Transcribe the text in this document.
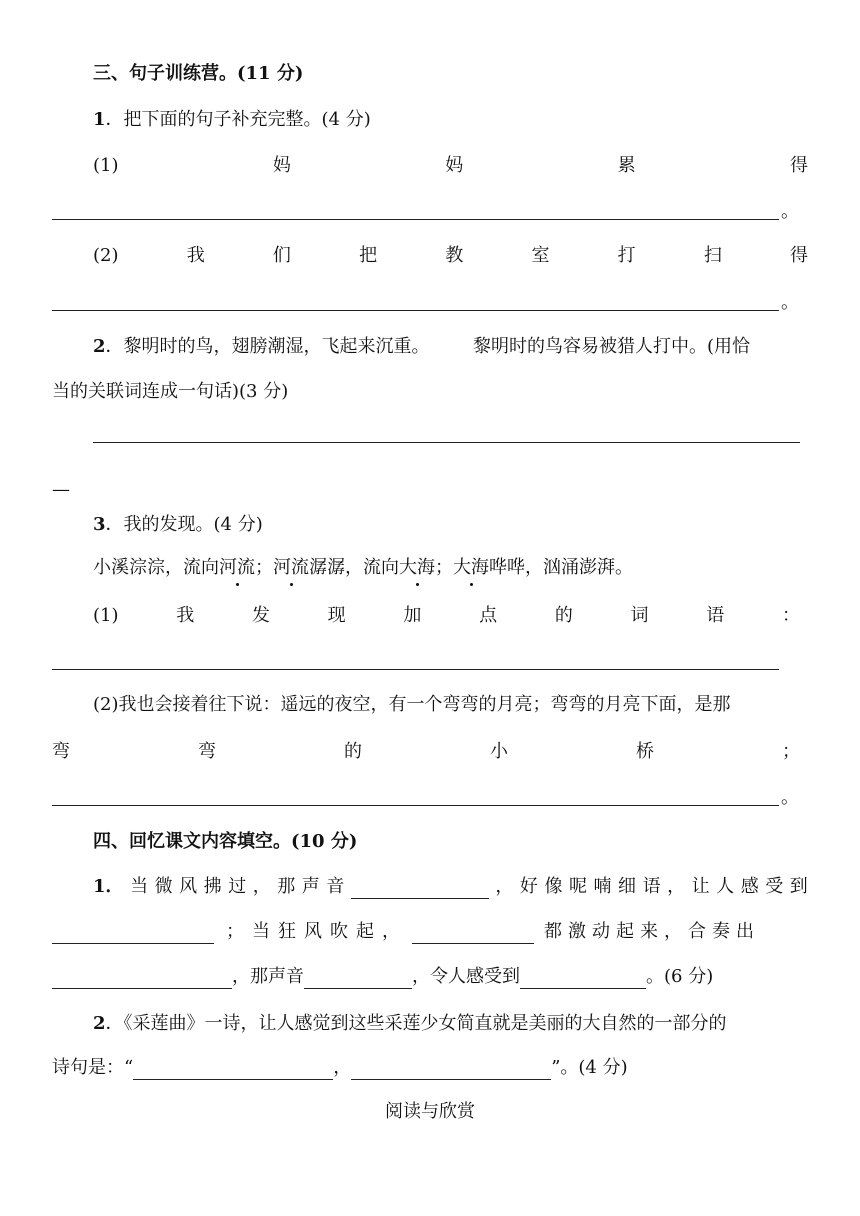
三、句子训练营。(11 分)
1．把下面的句子补充完整。(4 分)
(1)	妈	妈	累	得
。
(2)	我	们	把	教	室	打	扫	得
。
2．黎明时的鸟，翅膀潮湿，飞起来沉重。 黎明时的鸟容易被猎人打中。(用恰
当的关联词连成一句话)(3 分)
—
3．我的发现。(4 分)
小溪淙淙，流向河流；河流潺潺，流向大海；大海哗哗，汹涌澎湃。
(1)	我	发	现	加	点	的	词	语	：
(2)我也会接着往下说：遥远的夜空，有一个弯弯的月亮；弯弯的月亮下面，是那
弯	弯	的	小	桥	；
。
四、回忆课文内容填空。(10 分)
1． 当 微 风 拂 过 ， 那 声 音	， 好 像 呢 喃 细 语 ， 让 人 感 受 到
；当狂风吹起，	都激动起来，合奏出
，那声音	，令人感受到	。(6 分)
2．《采莲曲》一诗，让人感觉到这些采莲少女简直就是美丽的大自然的一部分的
诗句是：“	，	”。(4 分)
阅读与欣赏
